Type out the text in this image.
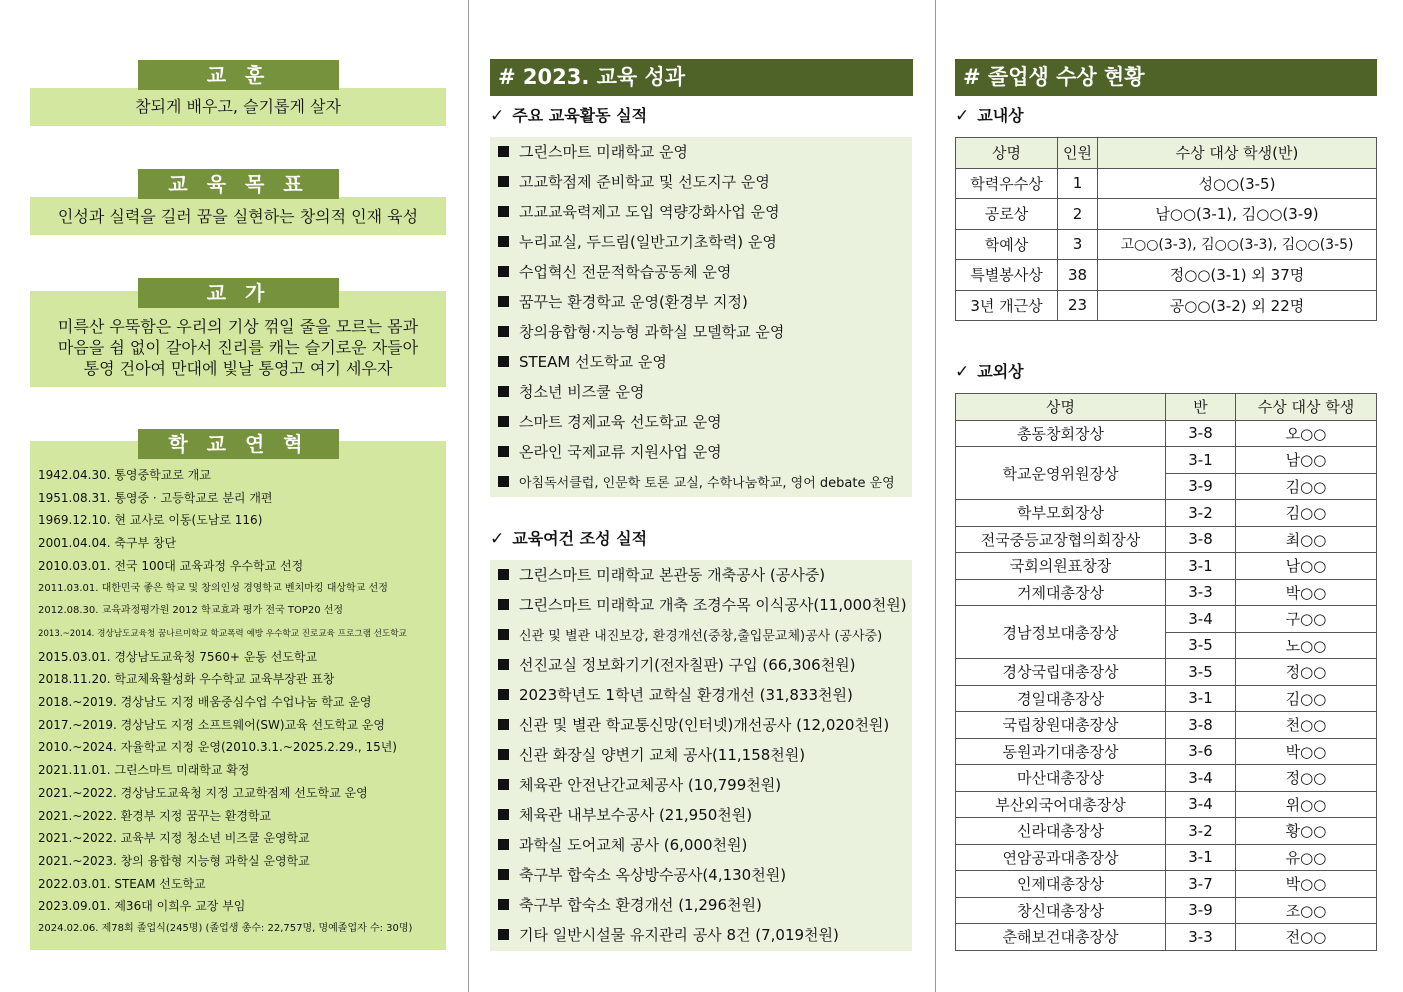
참되게 배우고, 슬기롭게 살자
교 훈
인성과 실력을 길러 꿈을 실현하는 창의적 인재 육성
교 육 목 표
미륵산 우뚝함은 우리의 기상 꺾일 줄을 모르는 몸과
마음을 쉼 없이 갈아서 진리를 캐는 슬기로운 자들아
통영 건아여 만대에 빛날 통영고 여기 세우자
교 가
1942.04.30. 통영중학교로 개교
1951.08.31. 통영중 · 고등학교로 분리 개편
1969.12.10. 현 교사로 이동(도남로 116)
2001.04.04. 축구부 창단
2010.03.01. 전국 100대 교육과정 우수학교 선정
2011.03.01. 대한민국 좋은 학교 및 창의인성 경영학교 벤치마킹 대상학교 선정
2012.08.30. 교육과정평가원 2012 학교효과 평가 전국 TOP20 선정
2013.~2014. 경상남도교육청 꿈나르미학교 학교폭력 예방 우수학교 진로교육 프로그램 선도학교
2015.03.01. 경상남도교육청 7560+ 운동 선도학교
2018.11.20. 학교체육활성화 우수학교 교육부장관 표창
2018.~2019. 경상남도 지정 배움중심수업 수업나눔 학교 운영
2017.~2019. 경상남도 지정 소프트웨어(SW)교육 선도학교 운영
2010.~2024. 자율학교 지정 운영(2010.3.1.~2025.2.29., 15년)
2021.11.01. 그린스마트 미래학교 확정
2021.~2022. 경상남도교육청 지정 고교학점제 선도학교 운영
2021.~2022. 환경부 지정 꿈꾸는 환경학교
2021.~2022. 교육부 지정 청소년 비즈쿨 운영학교
2021.~2023. 창의 융합형 지능형 과학실 운영학교
2022.03.01. STEAM 선도학교
2023.09.01. 제36대 이희우 교장 부임
2024.02.06. 제78회 졸업식(245명) (졸업생 총수: 22,757명, 명예졸업자 수: 30명)
학 교 연 혁
# 2023. 교육 성과
✓ 주요 교육활동 실적
그린스마트 미래학교 운영
고교학점제 준비학교 및 선도지구 운영
고교교육력제고 도입 역량강화사업 운영
누리교실, 두드림(일반고기초학력) 운영
수업혁신 전문적학습공동체 운영
꿈꾸는 환경학교 운영(환경부 지정)
창의융합형·지능형 과학실 모델학교 운영
STEAM 선도학교 운영
청소년 비즈쿨 운영
스마트 경제교육 선도학교 운영
온라인 국제교류 지원사업 운영
아침독서클럽, 인문학 토론 교실, 수학나눔학교, 영어 debate 운영
✓ 교육여건 조성 실적
그린스마트 미래학교 본관동 개축공사 (공사중)
그린스마트 미래학교 개축 조경수목 이식공사(11,000천원)
신관 및 별관 내진보강, 환경개선(중창,출입문교체)공사 (공사중)
선진교실 정보화기기(전자칠판) 구입 (66,306천원)
2023학년도 1학년 교학실 환경개선 (31,833천원)
신관 및 별관 학교통신망(인터넷)개선공사 (12,020천원)
신관 화장실 양변기 교체 공사(11,158천원)
체육관 안전난간교체공사 (10,799천원)
체육관 내부보수공사 (21,950천원)
과학실 도어교체 공사 (6,000천원)
축구부 합숙소 옥상방수공사(4,130천원)
축구부 합숙소 환경개선 (1,296천원)
기타 일반시설물 유지관리 공사 8건 (7,019천원)
# 졸업생 수상 현황
✓ 교내상
상명	인원	수상 대상 학생(반)
학력우수상	1	성○○(3-5)
공로상	2	남○○(3-1), 김○○(3-9)
학예상	3	고○○(3-3), 김○○(3-3), 김○○(3-5)
특별봉사상	38	정○○(3-1) 외 37명
3년 개근상	23	공○○(3-2) 외 22명
✓ 교외상
상명	반	수상 대상 학생
총동창회장상	3-8	오○○
학교운영위원장상	3-1	남○○
	3-9	김○○
학부모회장상	3-2	김○○
전국중등교장협의회장상	3-8	최○○
국회의원표창장	3-1	남○○
거제대총장상	3-3	박○○
경남정보대총장상	3-4	구○○
	3-5	노○○
경상국립대총장상	3-5	정○○
경일대총장상	3-1	김○○
국립창원대총장상	3-8	천○○
동원과기대총장상	3-6	박○○
마산대총장상	3-4	정○○
부산외국어대총장상	3-4	위○○
신라대총장상	3-2	황○○
연암공과대총장상	3-1	유○○
인제대총장상	3-7	박○○
창신대총장상	3-9	조○○
춘해보건대총장상	3-3	전○○
